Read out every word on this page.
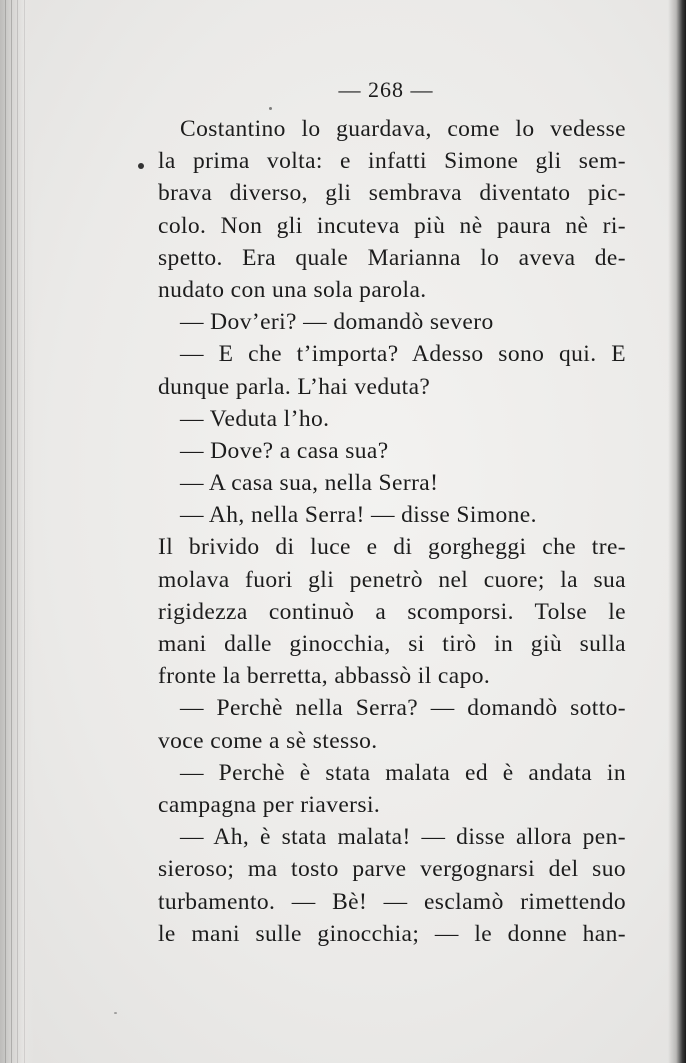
— 268 —
Costantino lo guardava, come lo vedesse
la prima volta: e infatti Simone gli sem-
brava diverso, gli sembrava diventato pic-
colo. Non gli incuteva più nè paura nè ri-
spetto. Era quale Marianna lo aveva de-
nudato con una sola parola.
— Dov’eri? — domandò severo
— E che t’importa? Adesso sono qui. E
dunque parla. L’hai veduta?
— Veduta l’ho.
— Dove? a casa sua?
— A casa sua, nella Serra!
— Ah, nella Serra! — disse Simone.
Il brivido di luce e di gorgheggi che tre-
molava fuori gli penetrò nel cuore; la sua
rigidezza continuò a scomporsi. Tolse le
mani dalle ginocchia, si tirò in giù sulla
fronte la berretta, abbassò il capo.
— Perchè nella Serra? — domandò sotto-
voce come a sè stesso.
— Perchè è stata malata ed è andata in
campagna per riaversi.
— Ah, è stata malata! — disse allora pen-
sieroso; ma tosto parve vergognarsi del suo
turbamento. — Bè! — esclamò rimettendo
le mani sulle ginocchia; — le donne han-
